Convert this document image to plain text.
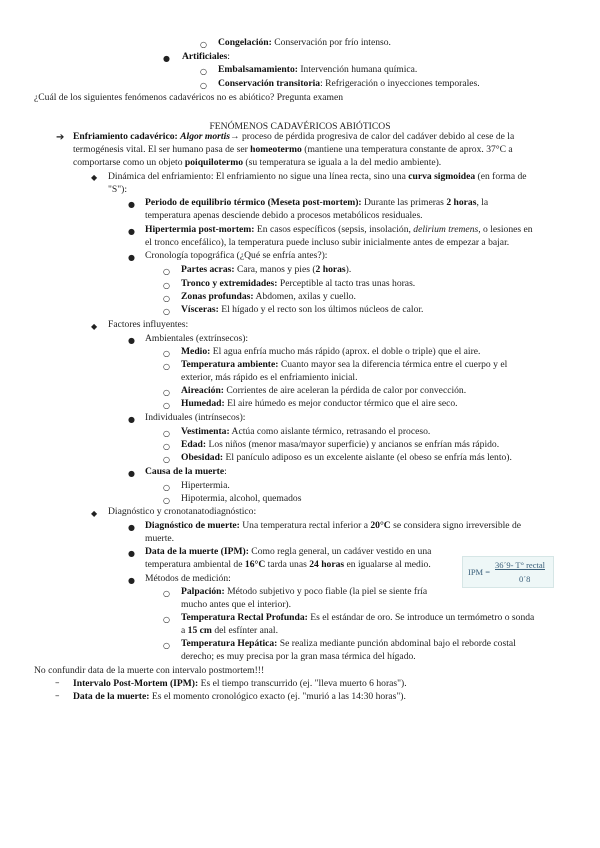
○ Congelación: Conservación por frío intenso.
● Artificiales:
○ Embalsamamiento: Intervención humana química.
○ Conservación transitoria: Refrigeración o inyecciones temporales.
¿Cuál de los siguientes fenómenos cadavéricos no es abiótico? Pregunta examen
FENÓMENOS CADAVÉRICOS ABIÓTICOS
➔ Enfriamiento cadavérico: Algor mortis→ proceso de pérdida progresiva de calor del cadáver debido al cese de la
termogénesis vital. El ser humano pasa de ser homeotermo (mantiene una temperatura constante de aprox. 37°C a
comportarse como un objeto poiquilotermo (su temperatura se iguala a la del medio ambiente).
◆ Dinámica del enfriamiento: El enfriamiento no sigue una línea recta, sino una curva sigmoidea (en forma de
"S"):
● Periodo de equilibrio térmico (Meseta post-mortem): Durante las primeras 2 horas, la
temperatura apenas desciende debido a procesos metabólicos residuales.
● Hipertermia post-mortem: En casos específicos (sepsis, insolación, delirium tremens, o lesiones en
el tronco encefálico), la temperatura puede incluso subir inicialmente antes de empezar a bajar.
● Cronología topográfica (¿Qué se enfría antes?):
○ Partes acras: Cara, manos y pies (2 horas).
○ Tronco y extremidades: Perceptible al tacto tras unas horas.
○ Zonas profundas: Abdomen, axilas y cuello.
○ Vísceras: El hígado y el recto son los últimos núcleos de calor.
◆ Factores influyentes:
● Ambientales (extrínsecos):
○ Medio: El agua enfría mucho más rápido (aprox. el doble o triple) que el aire.
○ Temperatura ambiente: Cuanto mayor sea la diferencia térmica entre el cuerpo y el
exterior, más rápido es el enfriamiento inicial.
○ Aireación: Corrientes de aire aceleran la pérdida de calor por convección.
○ Humedad: El aire húmedo es mejor conductor térmico que el aire seco.
● Individuales (intrínsecos):
○ Vestimenta: Actúa como aislante térmico, retrasando el proceso.
○ Edad: Los niños (menor masa/mayor superficie) y ancianos se enfrían más rápido.
○ Obesidad: El panículo adiposo es un excelente aislante (el obeso se enfría más lento).
● Causa de la muerte:
○ Hipertermia.
○ Hipotermia, alcohol, quemados
◆ Diagnóstico y cronotanatodiagnóstico:
● Diagnóstico de muerte: Una temperatura rectal inferior a 20°C se considera signo irreversible de
muerte.
● Data de la muerte (IPM): Como regla general, un cadáver vestido en una
temperatura ambiental de 16°C tarda unas 24 horas en igualarse al medio.
IPM =
36´9- T° rectal
0´8
● Métodos de medición:
○ Palpación: Método subjetivo y poco fiable (la piel se siente fría
mucho antes que el interior).
○ Temperatura Rectal Profunda: Es el estándar de oro. Se introduce un termómetro o sonda
a 15 cm del esfínter anal.
○ Temperatura Hepática: Se realiza mediante punción abdominal bajo el reborde costal
derecho; es muy precisa por la gran masa térmica del hígado.
No confundir data de la muerte con intervalo postmortem!!!
– Intervalo Post-Mortem (IPM): Es el tiempo transcurrido (ej. "lleva muerto 6 horas").
– Data de la muerte: Es el momento cronológico exacto (ej. "murió a las 14:30 horas").
